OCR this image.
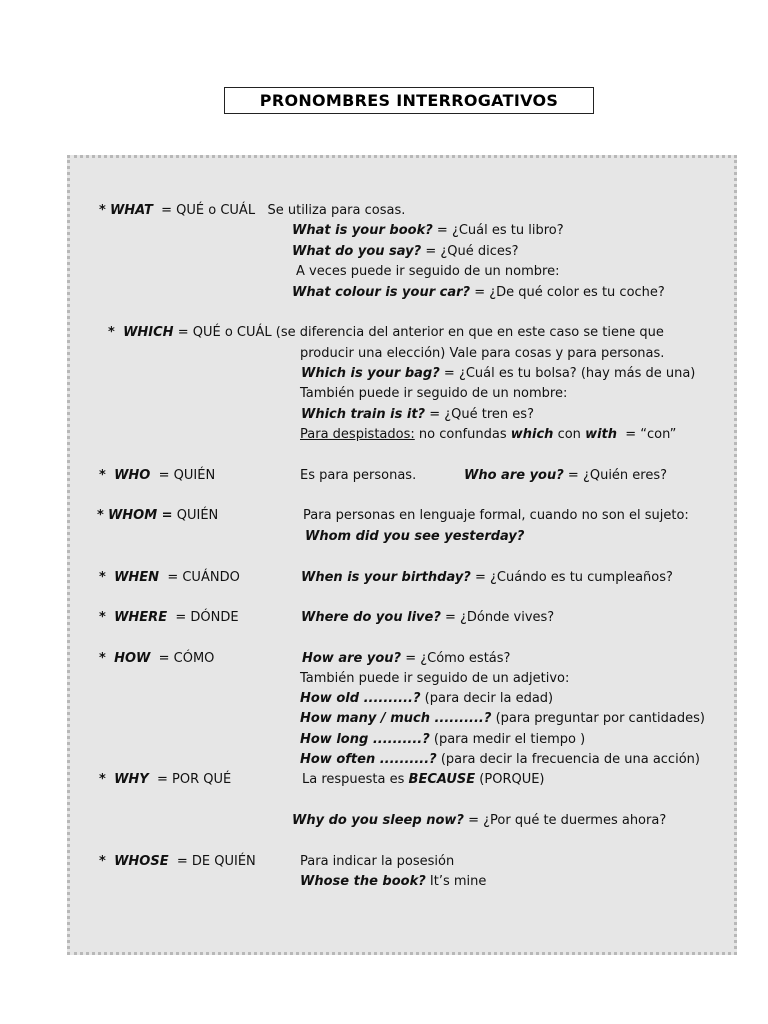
PRONOMBRES INTERROGATIVOS
* WHAT = QUÉ o CUÁL Se utiliza para cosas.
What is your book? = ¿Cuál es tu libro?
What do you say? = ¿Qué dices?
A veces puede ir seguido de un nombre:
What colour is your car? = ¿De qué color es tu coche?
* WHICH = QUÉ o CUÁL (se diferencia del anterior en que en este caso se tiene que
producir una elección) Vale para cosas y para personas.
Which is your bag? = ¿Cuál es tu bolsa? (hay más de una)
También puede ir seguido de un nombre:
Which train is it? = ¿Qué tren es?
Para despistados: no confundas which con with = “con”
* WHO = QUIÉN	Es para personas.	Who are you? = ¿Quién eres?
* WHOM = QUIÉN	Para personas en lenguaje formal, cuando no son el sujeto:
Whom did you see yesterday?
* WHEN = CUÁNDO	When is your birthday? = ¿Cuándo es tu cumpleaños?
* WHERE = DÓNDE	Where do you live? = ¿Dónde vives?
* HOW = CÓMO	How are you? = ¿Cómo estás?
También puede ir seguido de un adjetivo:
How old ..........? (para decir la edad)
How many / much ..........? (para preguntar por cantidades)
How long ..........? (para medir el tiempo )
How often ..........? (para decir la frecuencia de una acción)
* WHY = POR QUÉ	La respuesta es BECAUSE (PORQUE)
Why do you sleep now? = ¿Por qué te duermes ahora?
* WHOSE = DE QUIÉN	Para indicar la posesión
Whose the book? It’s mine
